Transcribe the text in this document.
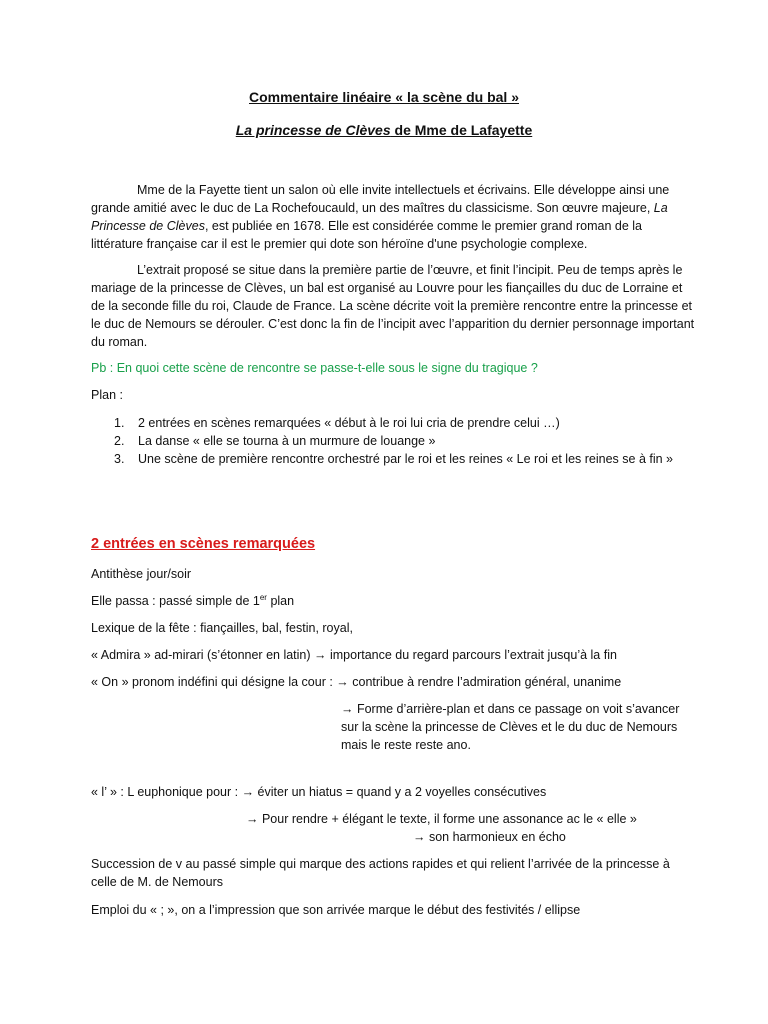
Commentaire linéaire « la scène du bal »
La princesse de Clèves de Mme de Lafayette
Mme de la Fayette tient un salon où elle invite intellectuels et écrivains. Elle développe ainsi une grande amitié avec le duc de La Rochefoucauld, un des maîtres du classicisme. Son œuvre majeure, La Princesse de Clèves, est publiée en 1678. Elle est considérée comme le premier grand roman de la littérature française car il est le premier qui dote son héroïne d'une psychologie complexe.
L’extrait proposé se situe dans la première partie de l’œuvre, et finit l’incipit. Peu de temps après le mariage de la princesse de Clèves, un bal est organisé au Louvre pour les fiançailles du duc de Lorraine et de la seconde fille du roi, Claude de France. La scène décrite voit la première rencontre entre la princesse et le duc de Nemours se dérouler. C’est donc la fin de l’incipit avec l’apparition du dernier personnage important du roman.
Pb : En quoi cette scène de rencontre se passe-t-elle sous le signe du tragique ?
Plan :
1. 2 entrées en scènes remarquées « début à le roi lui cria de prendre celui …)
2. La danse « elle se tourna à un murmure de louange »
3. Une scène de première rencontre orchestré par le roi et les reines « Le roi et les reines se à fin »
2 entrées en scènes remarquées
Antithèse jour/soir
Elle passa : passé simple de 1er plan
Lexique de la fête : fiançailles, bal, festin, royal,
« Admira » ad-mirari (s’étonner en latin) → importance du regard parcours l’extrait jusqu’à la fin
« On » pronom indéfini qui désigne la cour : → contribue à rendre l’admiration général, unanime
→ Forme d’arrière-plan et dans ce passage on voit s’avancer
sur la scène la princesse de Clèves et le du duc de Nemours
mais le reste reste ano.
« l’ » : L euphonique pour : → éviter un hiatus = quand y a 2 voyelles consécutives
→ Pour rendre + élégant le texte, il forme une assonance ac le « elle »
→ son harmonieux en écho
Succession de v au passé simple qui marque des actions rapides et qui relient l’arrivée de la princesse à
celle de M. de Nemours
Emploi du « ; », on a l’impression que son arrivée marque le début des festivités / ellipse
